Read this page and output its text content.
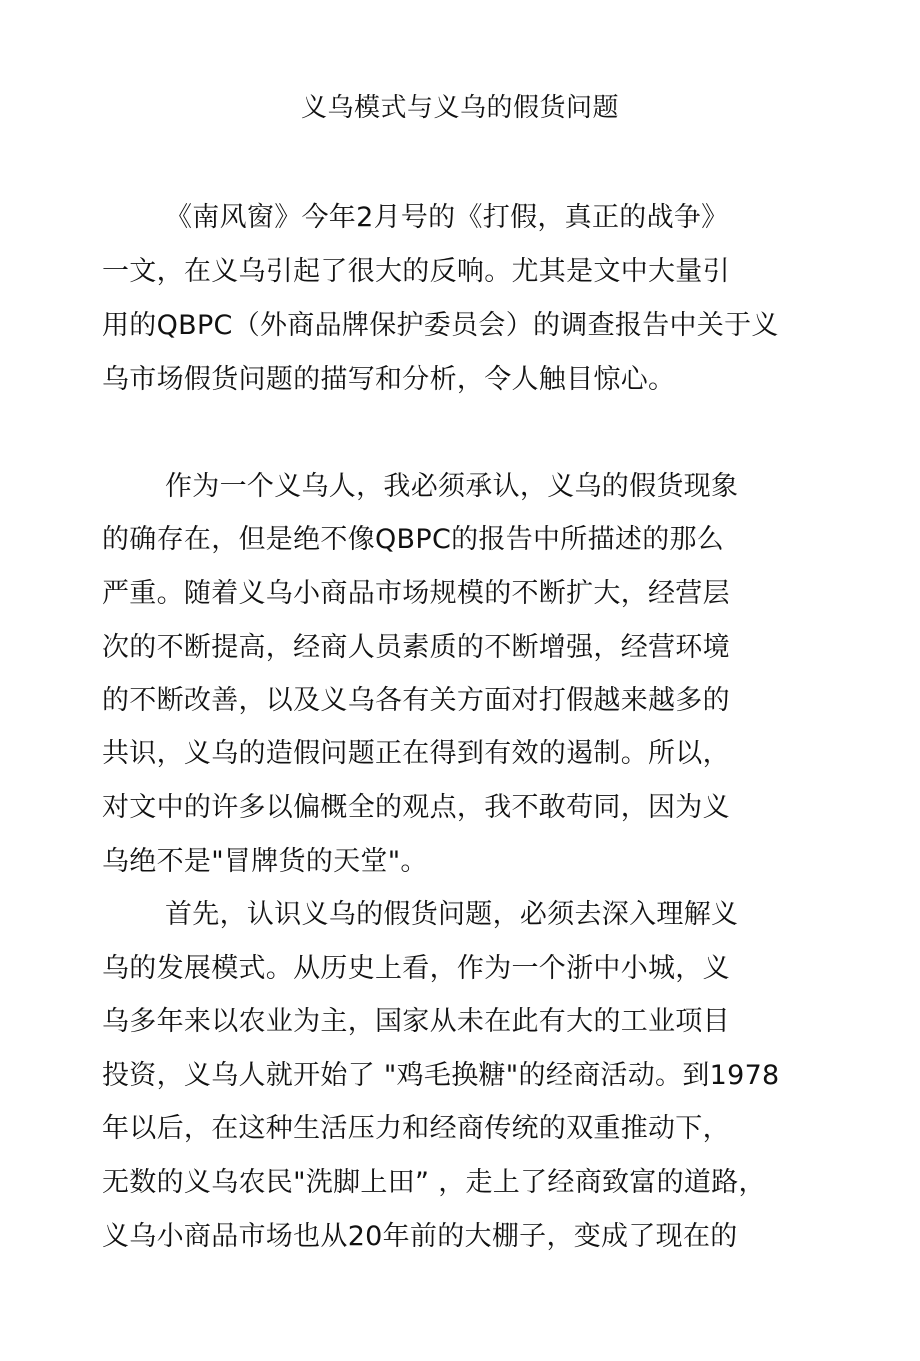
义乌模式与义乌的假货问题
《南风窗》今年2月号的《打假，真正的战争》
一文，在义乌引起了很大的反响。尤其是文中大量引
用的QBPC（外商品牌保护委员会）的调查报告中关于义
乌市场假货问题的描写和分析，令人触目惊心。
作为一个义乌人，我必须承认，义乌的假货现象
的确存在，但是绝不像QBPC的报告中所描述的那么
严重。随着义乌小商品市场规模的不断扩大，经营层
次的不断提高，经商人员素质的不断增强，经营环境
的不断改善，以及义乌各有关方面对打假越来越多的
共识，义乌的造假问题正在得到有效的遏制。所以，
对文中的许多以偏概全的观点，我不敢苟同，因为义
乌绝不是"冒牌货的天堂"。
首先，认识义乌的假货问题，必须去深入理解义
乌的发展模式。从历史上看，作为一个浙中小城，义
乌多年来以农业为主，国家从未在此有大的工业项目
投资，义乌人就开始了 "鸡毛换糖"的经商活动。到1978
年以后，在这种生活压力和经商传统的双重推动下，
无数的义乌农民"洗脚上田” ，走上了经商致富的道路，
义乌小商品市场也从20年前的大棚子，变成了现在的
